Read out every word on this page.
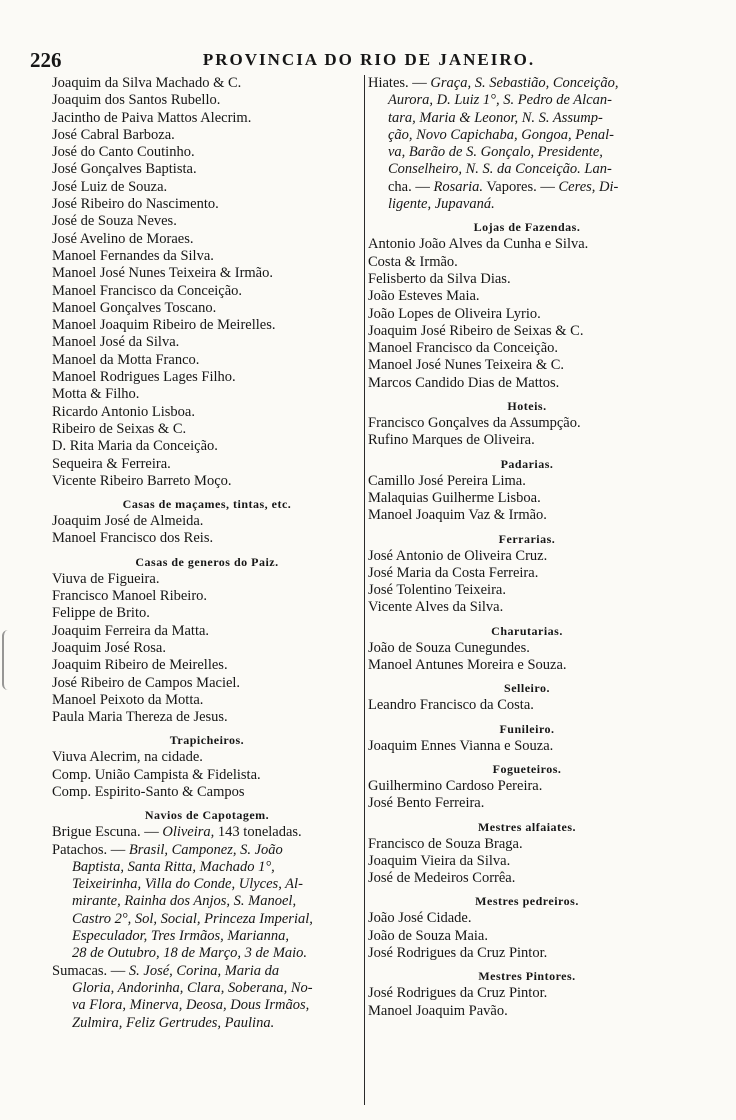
226	PROVINCIA DO RIO DE JANEIRO.
Joaquim da Silva Machado & C.
Joaquim dos Santos Rubello.
Jacintho de Paiva Mattos Alecrim.
José Cabral Barboza.
José do Canto Coutinho.
José Gonçalves Baptista.
José Luiz de Souza.
José Ribeiro do Nascimento.
José de Souza Neves.
José Avelino de Moraes.
Manoel Fernandes da Silva.
Manoel José Nunes Teixeira & Irmão.
Manoel Francisco da Conceição.
Manoel Gonçalves Toscano.
Manoel Joaquim Ribeiro de Meirelles.
Manoel José da Silva.
Manoel da Motta Franco.
Manoel Rodrigues Lages Filho.
Motta & Filho.
Ricardo Antonio Lisboa.
Ribeiro de Seixas & C.
D. Rita Maria da Conceição.
Sequeira & Ferreira.
Vicente Ribeiro Barreto Moço.
Casas de maçames, tintas, etc.
Joaquim José de Almeida.
Manoel Francisco dos Reis.
Casas de generos do Paiz.
Viuva de Figueira.
Francisco Manoel Ribeiro.
Felippe de Brito.
Joaquim Ferreira da Matta.
Joaquim José Rosa.
Joaquim Ribeiro de Meirelles.
José Ribeiro de Campos Maciel.
Manoel Peixoto da Motta.
Paula Maria Thereza de Jesus.
Trapicheiros.
Viuva Alecrim, na cidade.
Comp. União Campista & Fidelista.
Comp. Espirito-Santo & Campos
Navios de Capotagem.
Brigue Escuna. — Oliveira, 143 toneladas.
Patachos. — Brasil, Camponez, S. João
Baptista, Santa Ritta, Machado 1°,
Teixeirinha, Villa do Conde, Ulyces, Al-
mirante, Rainha dos Anjos, S. Manoel,
Castro 2°, Sol, Social, Princeza Imperial,
Especulador, Tres Irmãos, Marianna,
28 de Outubro, 18 de Março, 3 de Maio.
Sumacas. — S. José, Corina, Maria da
Gloria, Andorinha, Clara, Soberana, No-
va Flora, Minerva, Deosa, Dous Irmãos,
Zulmira, Feliz Gertrudes, Paulina.
Hiates. — Graça, S. Sebastião, Conceição,
Aurora, D. Luiz 1°, S. Pedro de Alcan-
tara, Maria & Leonor, N. S. Assump-
ção, Novo Capichaba, Gongoa, Penal-
va, Barão de S. Gonçalo, Presidente,
Conselheiro, N. S. da Conceição. Lan-
cha. — Rosaria. Vapores. — Ceres, Di-
ligente, Jupavaná.
Lojas de Fazendas.
Antonio João Alves da Cunha e Silva.
Costa & Irmão.
Felisberto da Silva Dias.
João Esteves Maia.
João Lopes de Oliveira Lyrio.
Joaquim José Ribeiro de Seixas & C.
Manoel Francisco da Conceição.
Manoel José Nunes Teixeira & C.
Marcos Candido Dias de Mattos.
Hoteis.
Francisco Gonçalves da Assumpção.
Rufino Marques de Oliveira.
Padarias.
Camillo José Pereira Lima.
Malaquias Guilherme Lisboa.
Manoel Joaquim Vaz & Irmão.
Ferrarias.
José Antonio de Oliveira Cruz.
José Maria da Costa Ferreira.
José Tolentino Teixeira.
Vicente Alves da Silva.
Charutarias.
João de Souza Cunegundes.
Manoel Antunes Moreira e Souza.
Selleiro.
Leandro Francisco da Costa.
Funileiro.
Joaquim Ennes Vianna e Souza.
Fogueteiros.
Guilhermino Cardoso Pereira.
José Bento Ferreira.
Mestres alfaiates.
Francisco de Souza Braga.
Joaquim Vieira da Silva.
José de Medeiros Corrêa.
Mestres pedreiros.
João José Cidade.
João de Souza Maia.
José Rodrigues da Cruz Pintor.
Mestres Pintores.
José Rodrigues da Cruz Pintor.
Manoel Joaquim Pavão.
